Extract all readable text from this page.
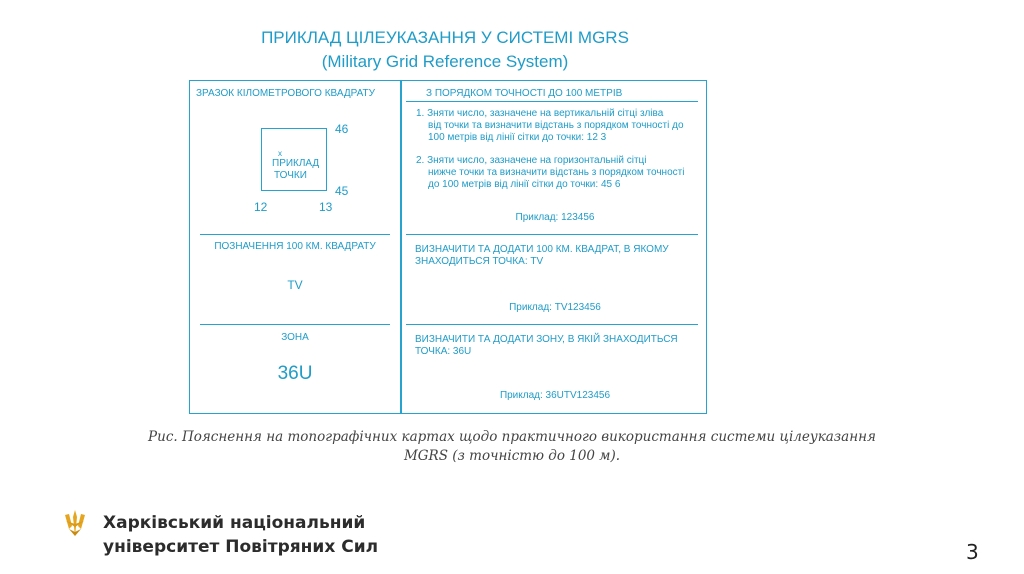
ПРИКЛАД ЦІЛЕУКАЗАННЯ У СИСТЕМІ MGRS
(Military Grid Reference System)
ЗРАЗОК КІЛОМЕТРОВОГО КВАДРАТУ
x
ПРИКЛАД
ТОЧКИ
46
45
12	13
ПОЗНАЧЕННЯ 100 КМ. КВАДРАТУ
TV
ЗОНА
36U
З ПОРЯДКОМ ТОЧНОСТІ ДО 100 МЕТРІВ
1. Зняти число, зазначене на вертикальній сітці зліва
від точки та визначити відстань з порядком точності до
100 метрів від лінії сітки до точки: 12 3
2. Зняти число, зазначене на горизонтальній сітці
нижче точки та визначити відстань з порядком точності
до 100 метрів від лінії сітки до точки: 45 6
Приклад: 123456
ВИЗНАЧИТИ ТА ДОДАТИ 100 КМ. КВАДРАТ, В ЯКОМУ
ЗНАХОДИТЬСЯ ТОЧКА: TV
Приклад: TV123456
ВИЗНАЧИТИ ТА ДОДАТИ ЗОНУ, В ЯКІЙ ЗНАХОДИТЬСЯ
ТОЧКА: 36U
Приклад: 36UTV123456
Рис. Пояснення на топографічних картах щодо практичного використання системи цілеуказання
MGRS (з точністю до 100 м).
Харківський національний
університет Повітряних Сил	3
